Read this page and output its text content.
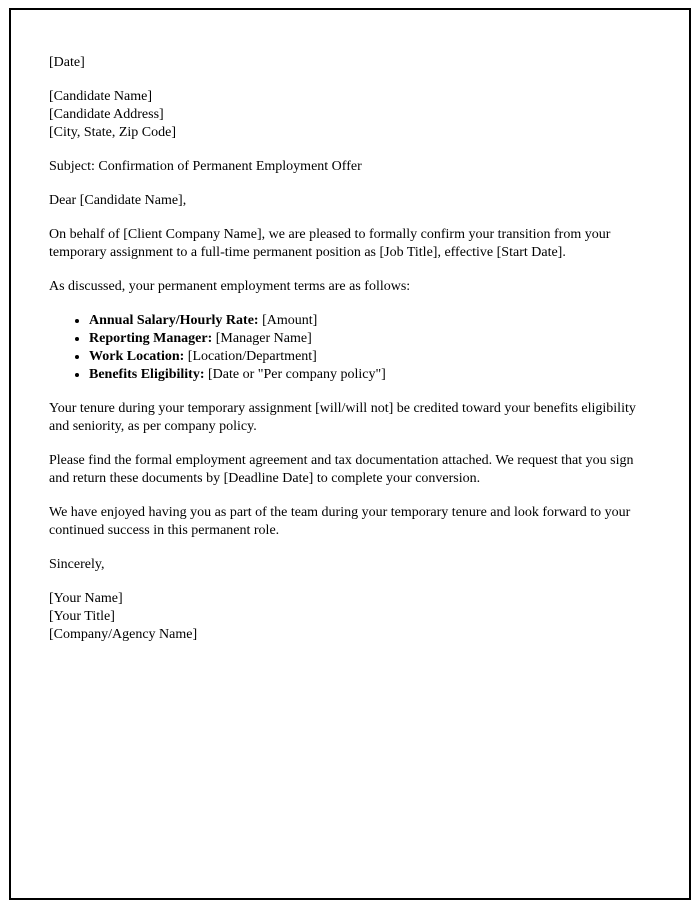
[Date]
[Candidate Name]
[Candidate Address]
[City, State, Zip Code]

Subject: Confirmation of Permanent Employment Offer

Dear [Candidate Name],

On behalf of [Client Company Name], we are pleased to formally confirm your transition from your temporary assignment to a full-time permanent position as [Job Title], effective [Start Date].

As discussed, your permanent employment terms are as follows:

• Annual Salary/Hourly Rate: [Amount]
• Reporting Manager: [Manager Name]
• Work Location: [Location/Department]
• Benefits Eligibility: [Date or "Per company policy"]

Your tenure during your temporary assignment [will/will not] be credited toward your benefits eligibility and seniority, as per company policy.

Please find the formal employment agreement and tax documentation attached. We request that you sign and return these documents by [Deadline Date] to complete your conversion.

We have enjoyed having you as part of the team during your temporary tenure and look forward to your continued success in this permanent role.

Sincerely,

[Your Name]
[Your Title]
[Company/Agency Name]
